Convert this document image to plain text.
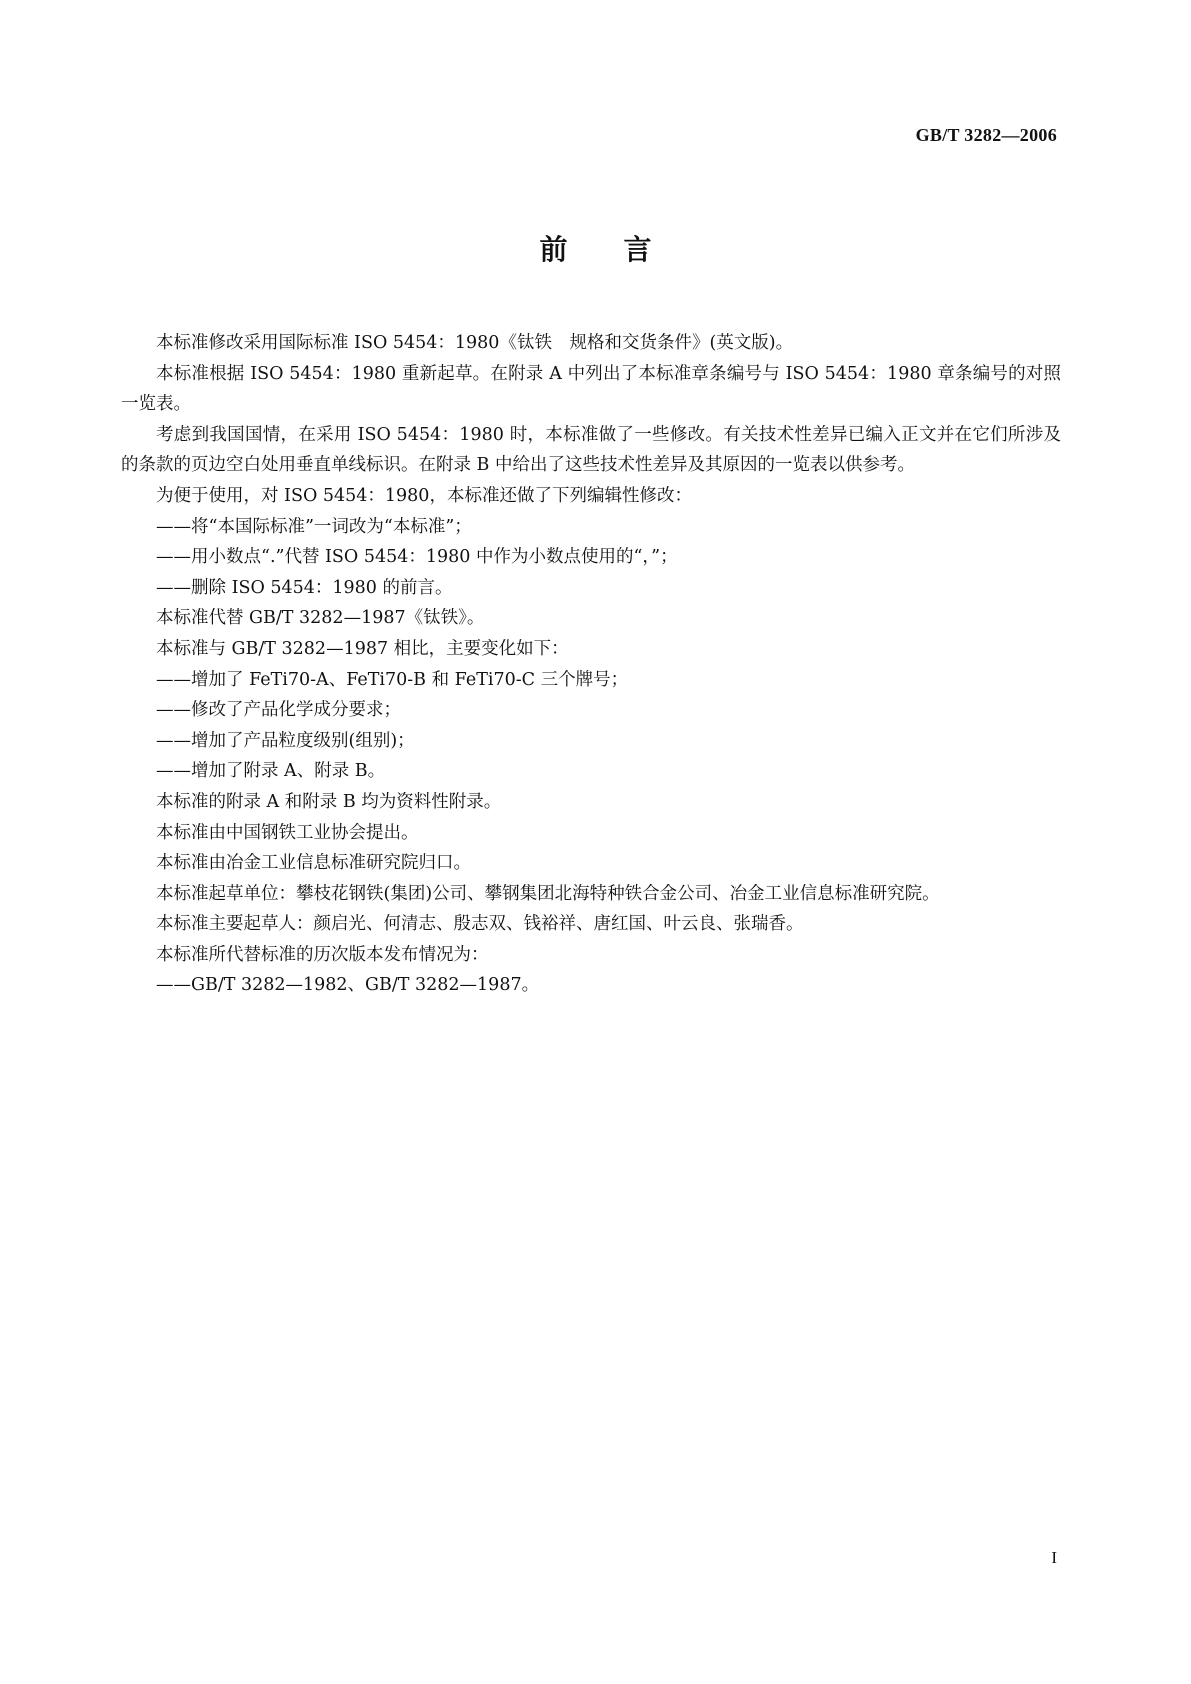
GB/T 3282—2006
前言

本标准修改采用国际标准 ISO 5454：1980《钛铁　规格和交货条件》(英文版)。

本标准根据 ISO 5454：1980 重新起草。在附录 A 中列出了本标准章条编号与 ISO 5454：1980 章条编号的对照一览表。

考虑到我国国情，在采用 ISO 5454：1980 时，本标准做了一些修改。有关技术性差异已编入正文并在它们所涉及的条款的页边空白处用垂直单线标识。在附录 B 中给出了这些技术性差异及其原因的一览表以供参考。

为便于使用，对 ISO 5454：1980，本标准还做了下列编辑性修改：

——将“本国际标准”一词改为“本标准”；

——用小数点“.”代替 ISO 5454：1980 中作为小数点使用的“，”；

——删除 ISO 5454：1980 的前言。

本标准代替 GB/T 3282—1987《钛铁》。

本标准与 GB/T 3282—1987 相比，主要变化如下：

——增加了 FeTi70-A、FeTi70-B 和 FeTi70-C 三个牌号；

——修改了产品化学成分要求；

——增加了产品粒度级别(组别)；

——增加了附录 A、附录 B。

本标准的附录 A 和附录 B 均为资料性附录。

本标准由中国钢铁工业协会提出。

本标准由冶金工业信息标准研究院归口。

本标准起草单位：攀枝花钢铁(集团)公司、攀钢集团北海特种铁合金公司、冶金工业信息标准研究院。

本标准主要起草人：颜启光、何清志、殷志双、钱裕祥、唐红国、叶云良、张瑞香。

本标准所代替标准的历次版本发布情况为：

——GB/T 3282—1982、GB/T 3282—1987。

I
